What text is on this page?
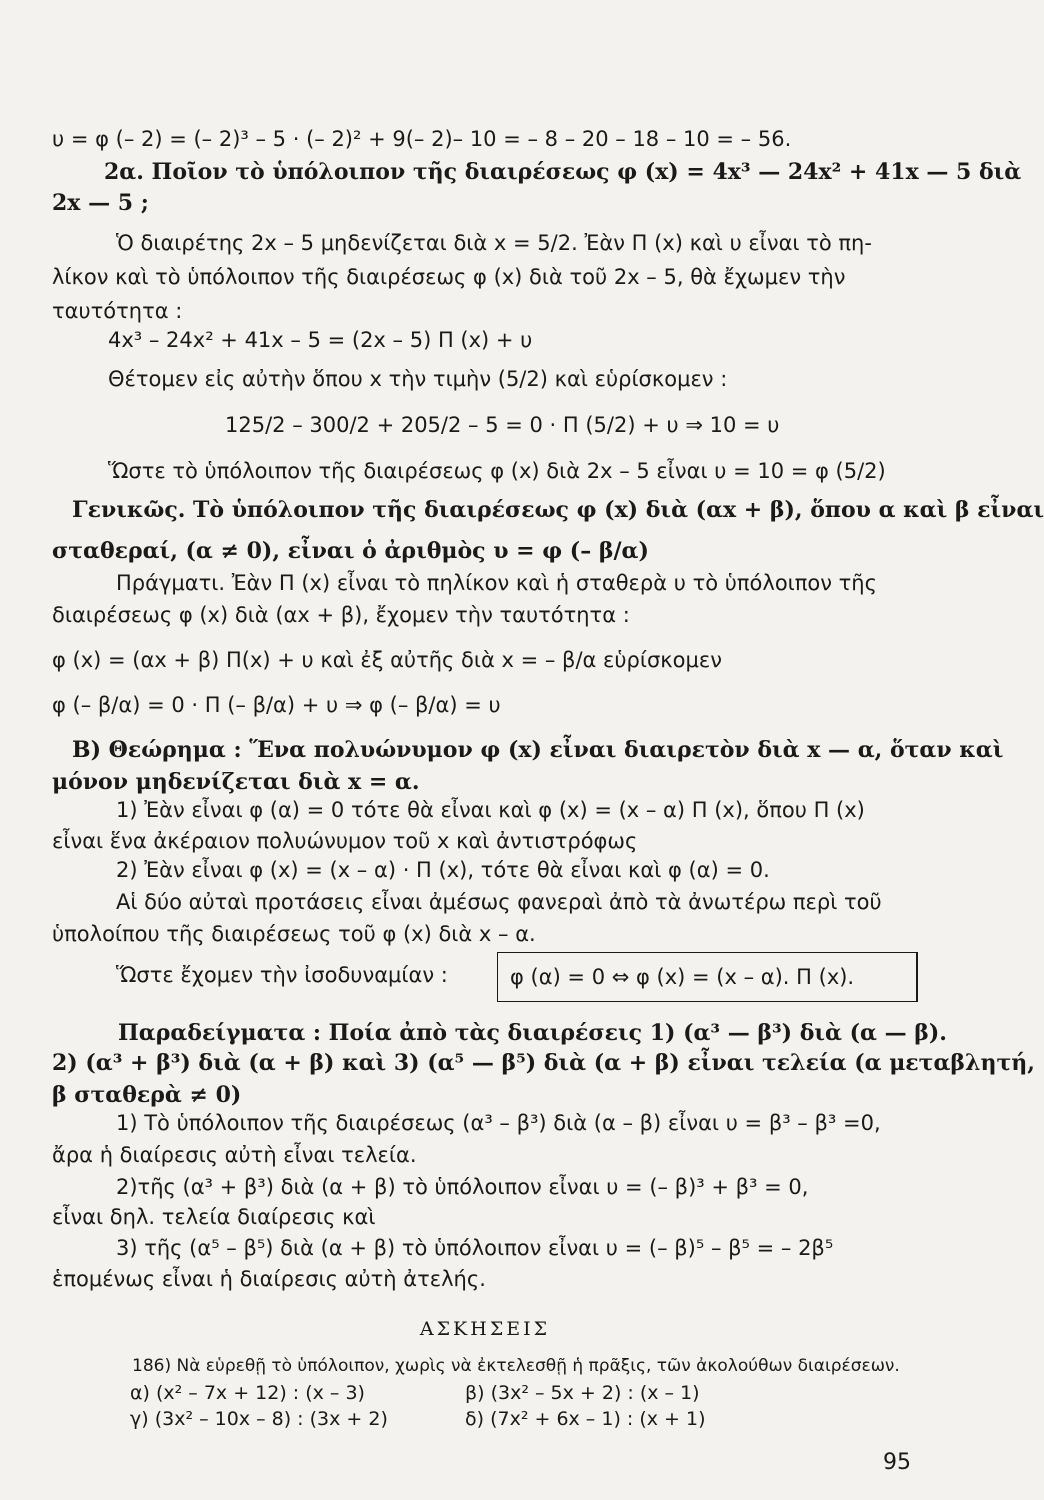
υ = φ (– 2) = (– 2)³ – 5 · (– 2)² + 9(– 2)– 10 = – 8 – 20 – 18 – 10 = – 56.
2α. Ποῖον τὸ ὑπόλοιπον τῆς διαιρέσεως φ (x) = 4x³ — 24x² + 41x — 5 διὰ
2x — 5 ;
Ὁ διαιρέτης 2x – 5 μηδενίζεται διὰ x = 5/2. Ἐὰν Π (x) καὶ υ εἶναι τὸ πη-
λίκον καὶ τὸ ὑπόλοιπον τῆς διαιρέσεως φ (x) διὰ τοῦ 2x – 5, θὰ ἔχωμεν τὴν
ταυτότητα :
4x³ – 24x² + 41x – 5 = (2x – 5) Π (x) + υ
Θέτομεν εἰς αὐτὴν ὅπου x τὴν τιμὴν (5/2) καὶ εὑρίσκομεν :
125/2 – 300/2 + 205/2 – 5 = 0 · Π (5/2) + υ ⇒ 10 = υ
Ὥστε τὸ ὑπόλοιπον τῆς διαιρέσεως φ (x) διὰ 2x – 5 εἶναι υ = 10 = φ (5/2)
Γενικῶς. Τὸ ὑπόλοιπον τῆς διαιρέσεως φ (x) διὰ (αx + β), ὅπου α καὶ β εἶναι
σταθεραί, (α ≠ 0), εἶναι ὁ ἀριθμὸς υ = φ (– β/α)
Πράγματι. Ἐὰν Π (x) εἶναι τὸ πηλίκον καὶ ἡ σταθερὰ υ τὸ ὑπόλοιπον τῆς
διαιρέσεως φ (x) διὰ (αx + β), ἔχομεν τὴν ταυτότητα :
φ (x) = (αx + β) Π(x) + υ καὶ ἐξ αὐτῆς διὰ x = – β/α εὑρίσκομεν
φ (– β/α) = 0 · Π (– β/α) + υ ⇒ φ (– β/α) = υ
Β) Θεώρημα : Ἕνα πολυώνυμον φ (x) εἶναι διαιρετὸν διὰ x — α, ὅταν καὶ
μόνον μηδενίζεται διὰ x = α.
1) Ἐὰν εἶναι φ (α) = 0 τότε θὰ εἶναι καὶ φ (x) = (x – α) Π (x), ὅπου Π (x)
εἶναι ἕνα ἀκέραιον πολυώνυμον τοῦ x καὶ ἀντιστρόφως
2) Ἐὰν εἶναι φ (x) = (x – α) · Π (x), τότε θὰ εἶναι καὶ φ (α) = 0.
Αἱ δύο αὐταὶ προτάσεις εἶναι ἀμέσως φανεραὶ ἀπὸ τὰ ἀνωτέρω περὶ τοῦ
ὑπολοίπου τῆς διαιρέσεως τοῦ φ (x) διὰ x – α.
Ὥστε ἔχομεν τὴν ἰσοδυναμίαν :	φ (α) = 0 ⇔ φ (x) = (x – α). Π (x).
Παραδείγματα : Ποία ἀπὸ τὰς διαιρέσεις 1) (α³ — β³) διὰ (α — β).
2) (α³ + β³) διὰ (α + β) καὶ 3) (α⁵ — β⁵) διὰ (α + β) εἶναι τελεία (α μεταβλητή,
β σταθερὰ ≠ 0)
1) Τὸ ὑπόλοιπον τῆς διαιρέσεως (α³ – β³) διὰ (α – β) εἶναι υ = β³ – β³ =0,
ἄρα ἡ διαίρεσις αὐτὴ εἶναι τελεία.
2)τῆς (α³ + β³) διὰ (α + β) τὸ ὑπόλοιπον εἶναι υ = (– β)³ + β³ = 0,
εἶναι δηλ. τελεία διαίρεσις καὶ
3) τῆς (α⁵ – β⁵) διὰ (α + β) τὸ ὑπόλοιπον εἶναι υ = (– β)⁵ – β⁵ = – 2β⁵
ἑπομένως εἶναι ἡ διαίρεσις αὐτὴ ἀτελής.
ΑΣΚΗΣΕΙΣ
186) Νὰ εὑρεθῇ τὸ ὑπόλοιπον, χωρὶς νὰ ἐκτελεσθῇ ἡ πρᾶξις, τῶν ἀκολούθων διαιρέσεων.
α) (x² – 7x + 12) : (x – 3)	β) (3x² – 5x + 2) : (x – 1)
γ) (3x² – 10x – 8) : (3x + 2)	δ) (7x² + 6x – 1) : (x + 1)
95
